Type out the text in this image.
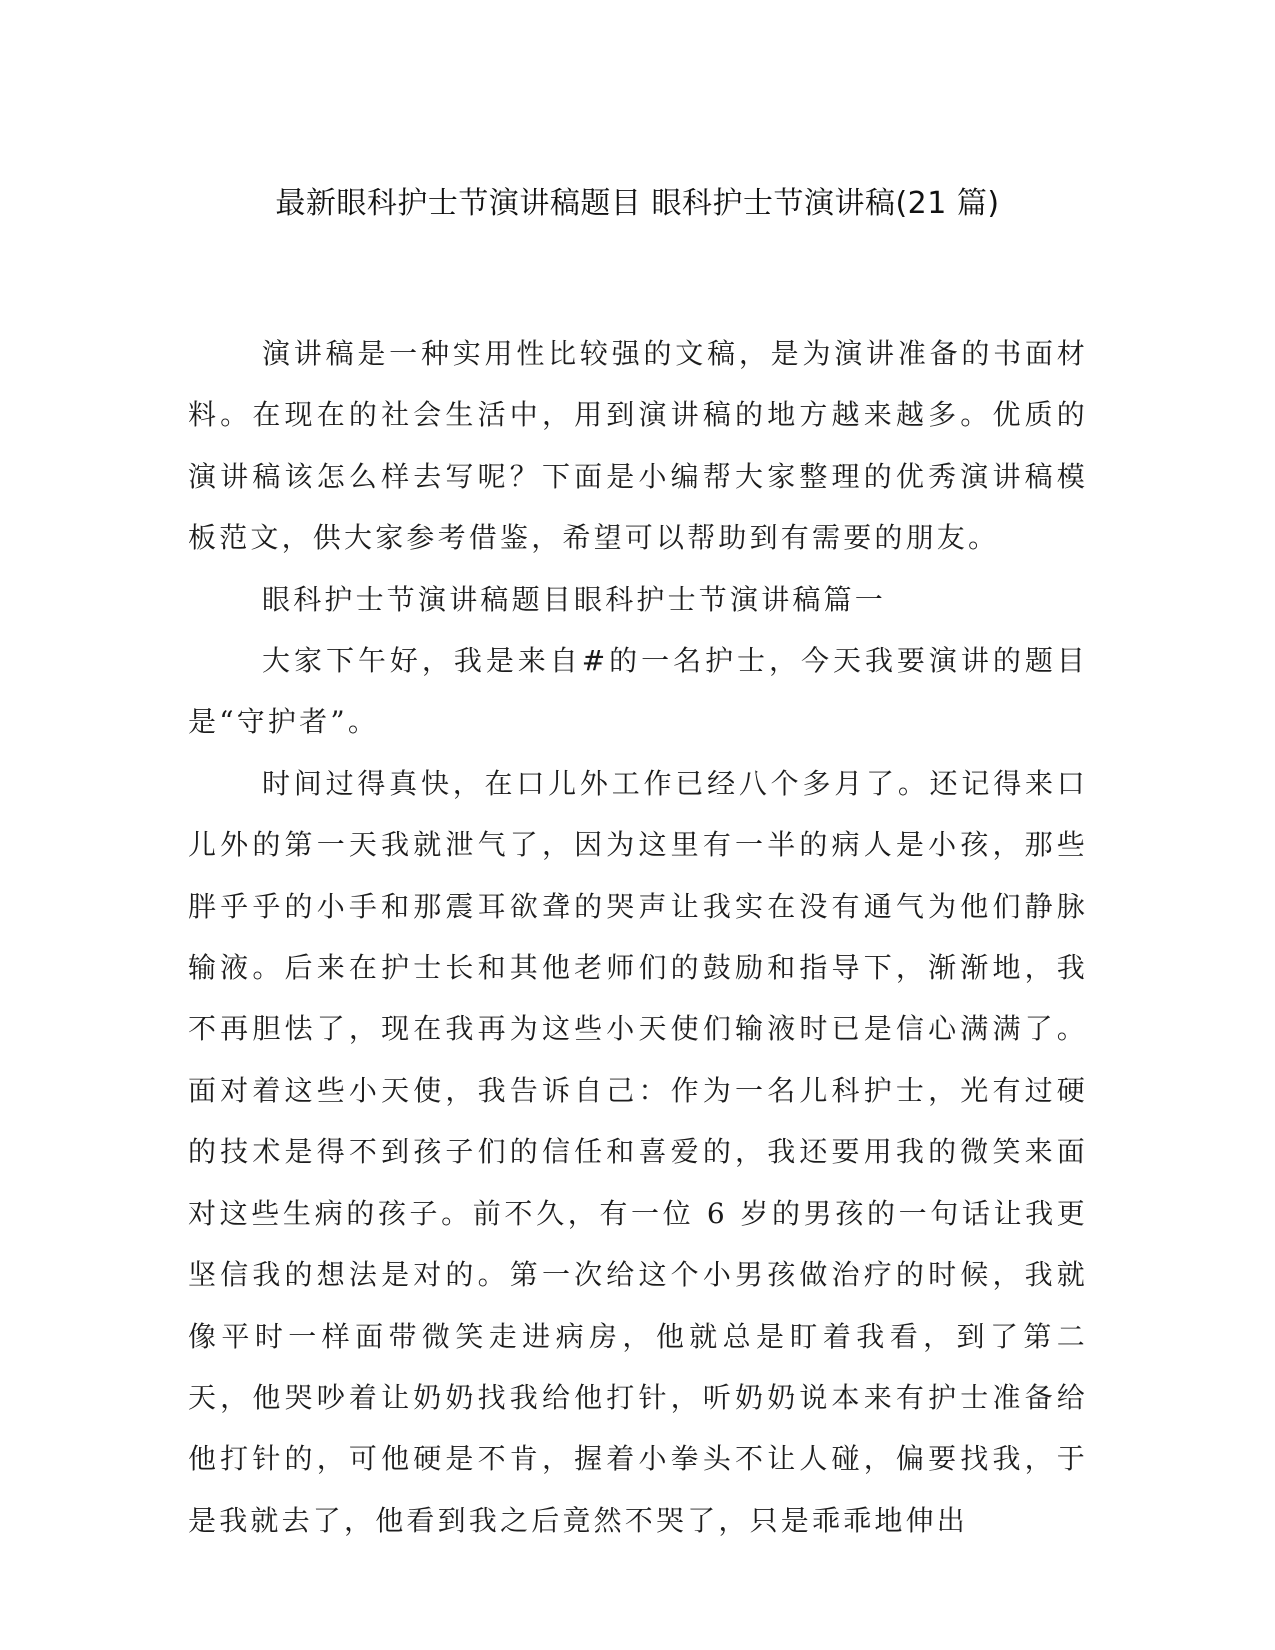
最新眼科护士节演讲稿题目 眼科护士节演讲稿(21 篇)

演讲稿是一种实用性比较强的文稿，是为演讲准备的书面材料。在现在的社会生活中，用到演讲稿的地方越来越多。优质的演讲稿该怎么样去写呢？下面是小编帮大家整理的优秀演讲稿模板范文，供大家参考借鉴，希望可以帮助到有需要的朋友。

眼科护士节演讲稿题目眼科护士节演讲稿篇一

大家下午好，我是来自#的一名护士，今天我要演讲的题目是“守护者”。

时间过得真快，在口儿外工作已经八个多月了。还记得来口儿外的第一天我就泄气了，因为这里有一半的病人是小孩，那些胖乎乎的小手和那震耳欲聋的哭声让我实在没有通气为他们静脉输液。后来在护士长和其他老师们的鼓励和指导下，渐渐地，我不再胆怯了，现在我再为这些小天使们输液时已是信心满满了。面对着这些小天使，我告诉自己：作为一名儿科护士，光有过硬的技术是得不到孩子们的信任和喜爱的，我还要用我的微笑来面对这些生病的孩子。前不久，有一位 6 岁的男孩的一句话让我更坚信我的想法是对的。第一次给这个小男孩做治疗的时候，我就像平时一样面带微笑走进病房，他就总是盯着我看，到了第二天，他哭吵着让奶奶找我给他打针，听奶奶说本来有护士准备给他打针的，可他硬是不肯，握着小拳头不让人碰，偏要找我，于是我就去了，他看到我之后竟然不哭了，只是乖乖地伸出
